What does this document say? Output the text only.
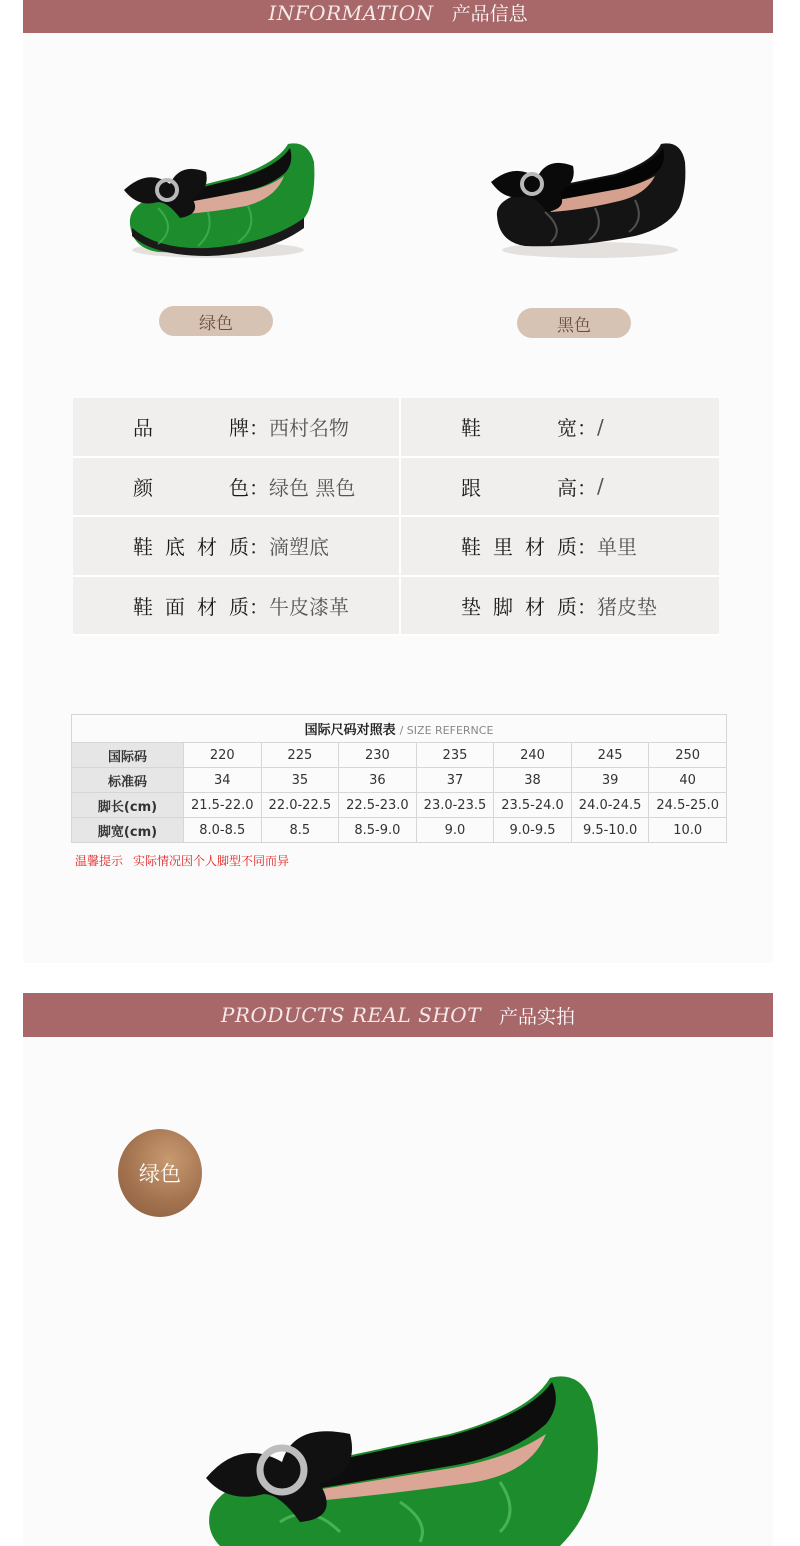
INFORMATION 产品信息
绿色	黑色
品牌 ： 西村名物	鞋宽 ： /
颜色 ： 绿色 黑色	跟高 ： /
鞋底材质 ： 滴塑底	鞋里材质 ： 单里
鞋面材质 ： 牛皮漆革	垫脚材质 ： 猪皮垫
国际尺码对照表 / SIZE REFERNCE							
国际码	220	225	230	235	240	245	250
标准码	34	35	36	37	38	39	40
脚长(cm)	21.5-22.0	22.0-22.5	22.5-23.0	23.0-23.5	23.5-24.0	24.0-24.5	24.5-25.0
脚宽(cm)	8.0-8.5	8.5	8.5-9.0	9.0	9.0-9.5	9.5-10.0	10.0
温馨提示 实际情况因个人脚型不同而异
PRODUCTS REAL SHOT 产品实拍
绿色
